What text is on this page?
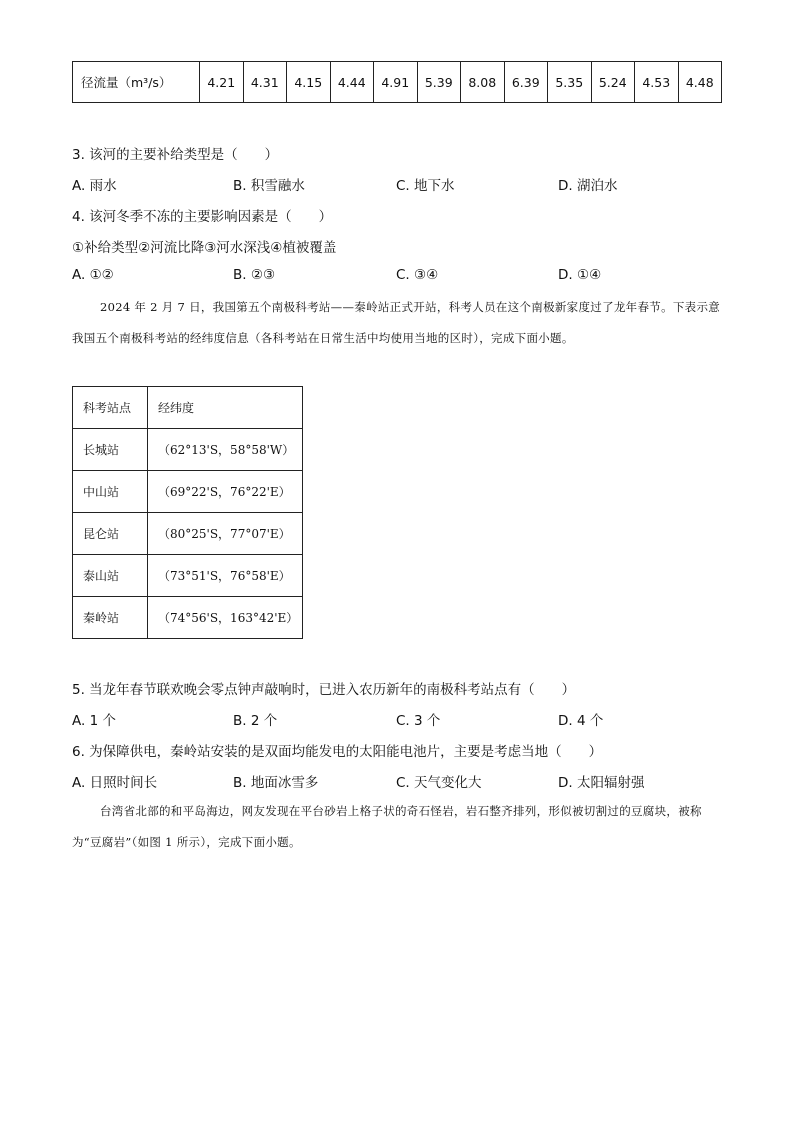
径流量（m³/s）	4.21	4.31	4.15	4.44	4.91	5.39	8.08	6.39	5.35	5.24	4.53	4.48
3. 该河的主要补给类型是（　　）
A. 雨水	B. 积雪融水	C. 地下水	D. 湖泊水
4. 该河冬季不冻的主要影响因素是（　　）
①补给类型②河流比降③河水深浅④植被覆盖
A. ①②	B. ②③	C. ③④	D. ①④
2024 年 2 月 7 日，我国第五个南极科考站——秦岭站正式开站，科考人员在这个南极新家度过了龙年春节。下表示意我国五个南极科考站的经纬度信息（各科考站在日常生活中均使用当地的区时），完成下面小题。
科考站点	经纬度
长城站	（62°13'S，58°58'W）
中山站	（69°22'S，76°22'E）
昆仑站	（80°25'S，77°07'E）
泰山站	（73°51'S，76°58'E）
秦岭站	（74°56'S，163°42'E）
5. 当龙年春节联欢晚会零点钟声敲响时，已进入农历新年的南极科考站点有（　　）
A. 1 个	B. 2 个	C. 3 个	D. 4 个
6. 为保障供电，秦岭站安装的是双面均能发电的太阳能电池片，主要是考虑当地（　　）
A. 日照时间长	B. 地面冰雪多	C. 天气变化大	D. 太阳辐射强
台湾省北部的和平岛海边，网友发现在平台砂岩上格子状的奇石怪岩，岩石整齐排列，形似被切割过的豆腐块，被称为“豆腐岩”（如图 1 所示），完成下面小题。
